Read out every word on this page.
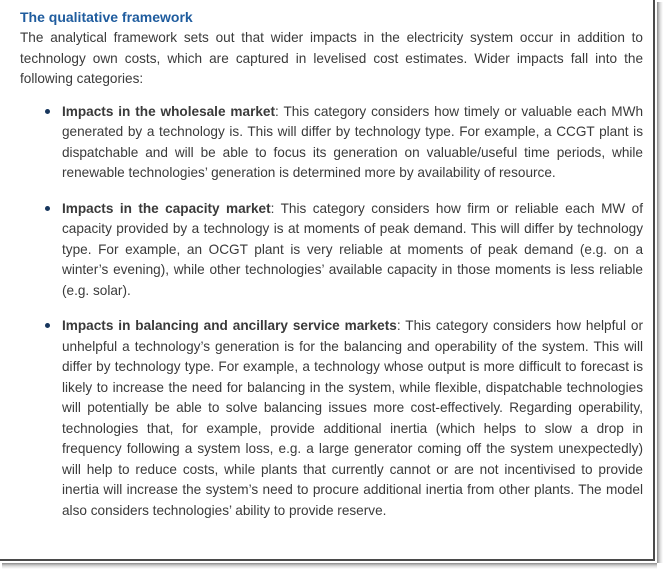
The qualitative framework

The analytical framework sets out that wider impacts in the electricity system occur in addition to technology own costs, which are captured in levelised cost estimates. Wider impacts fall into the following categories:

Impacts in the wholesale market: This category considers how timely or valuable each MWh generated by a technology is. This will differ by technology type. For example, a CCGT plant is dispatchable and will be able to focus its generation on valuable/useful time periods, while renewable technologies’ generation is determined more by availability of resource.
Impacts in the capacity market: This category considers how firm or reliable each MW of capacity provided by a technology is at moments of peak demand. This will differ by technology type. For example, an OCGT plant is very reliable at moments of peak demand (e.g. on a winter’s evening), while other technologies’ available capacity in those moments is less reliable (e.g. solar).
Impacts in balancing and ancillary service markets: This category considers how helpful or unhelpful a technology’s generation is for the balancing and operability of the system. This will differ by technology type. For example, a technology whose output is more difficult to forecast is likely to increase the need for balancing in the system, while flexible, dispatchable technologies will potentially be able to solve balancing issues more cost-effectively. Regarding operability, technologies that, for example, provide additional inertia (which helps to slow a drop in frequency following a system loss, e.g. a large generator coming off the system unexpectedly) will help to reduce costs, while plants that currently cannot or are not incentivised to provide inertia will increase the system’s need to procure additional inertia from other plants. The model also considers technologies’ ability to provide reserve.
